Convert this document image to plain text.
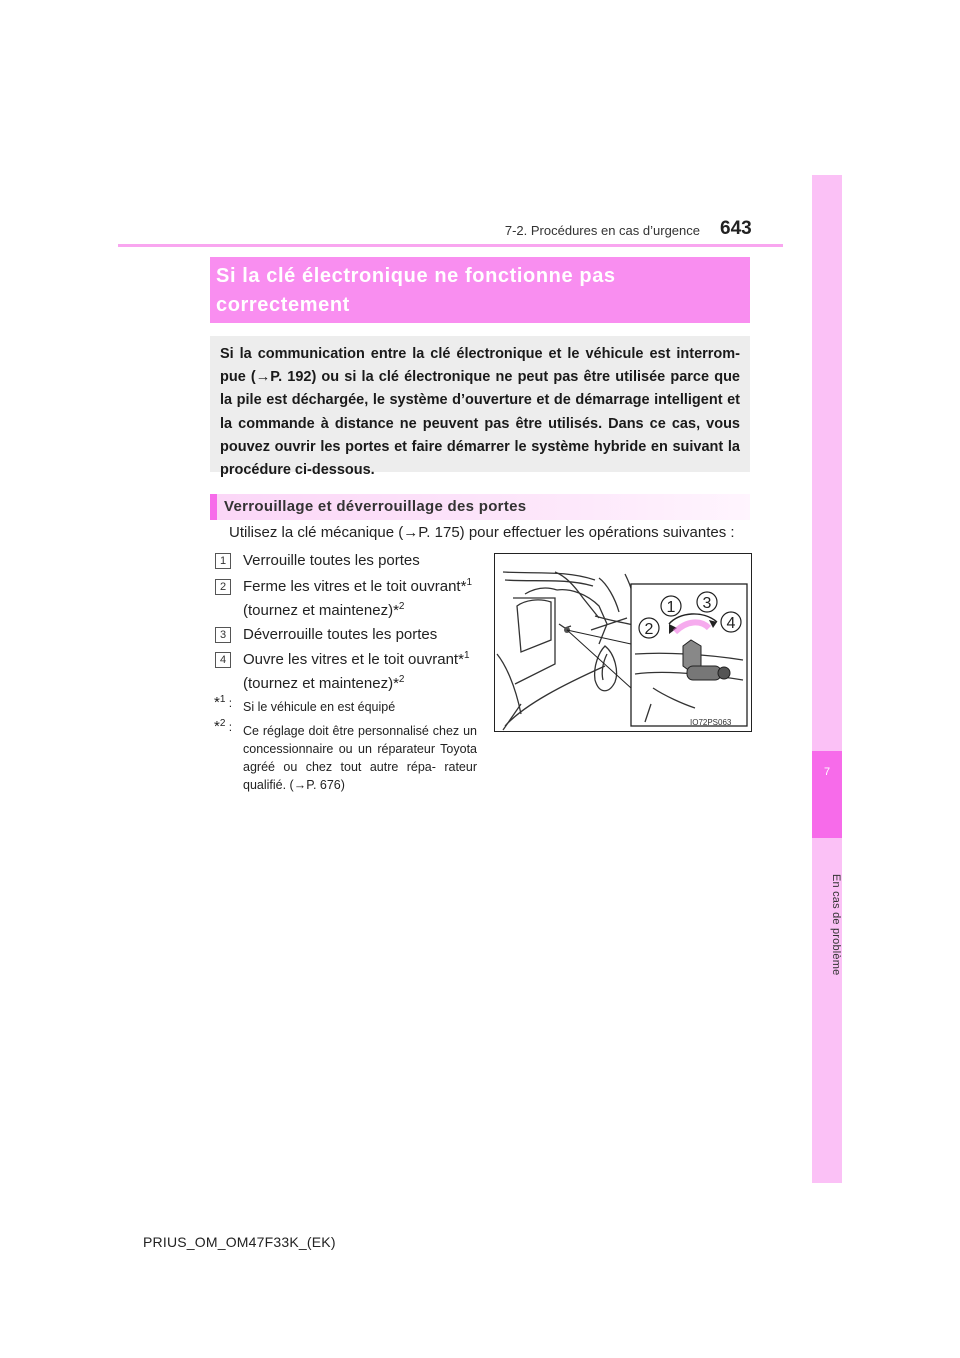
7
En cas de problème
7-2. Procédures en cas d’urgence 643
Si la clé électronique ne fonctionne pas correctement
Si la communication entre la clé électronique et le véhicule est interrom- pue (→P. 192) ou si la clé électronique ne peut pas être utilisée parce que la pile est déchargée, le système d’ouverture et de démarrage intelligent et la commande à distance ne peuvent pas être utilisés. Dans ce cas, vous pouvez ouvrir les portes et faire démarrer le système hybride en suivant la procédure ci-dessous.
Verrouillage et déverrouillage des portes
Utilisez la clé mécanique (→P. 175) pour effectuer les opérations suivantes :
1	Verrouille toutes les portes
2	Ferme les vitres et le toit ouvrant*$^1$
(tournez et maintenez)*$^2$
3	Déverrouille toutes les portes
4	Ouvre les vitres et le toit ouvrant*$^1$
(tournez et maintenez)*$^2$
*$^1$ : Si le véhicule en est équipé
*$^2$ : Ce réglage doit être personnalisé chez un concessionnaire ou un réparateur Toyota agréé ou chez tout autre répa- rateur qualifié. (→P. 676)
1 3
2	4
IO72PS063
PRIUS_OM_OM47F33K_(EK)
